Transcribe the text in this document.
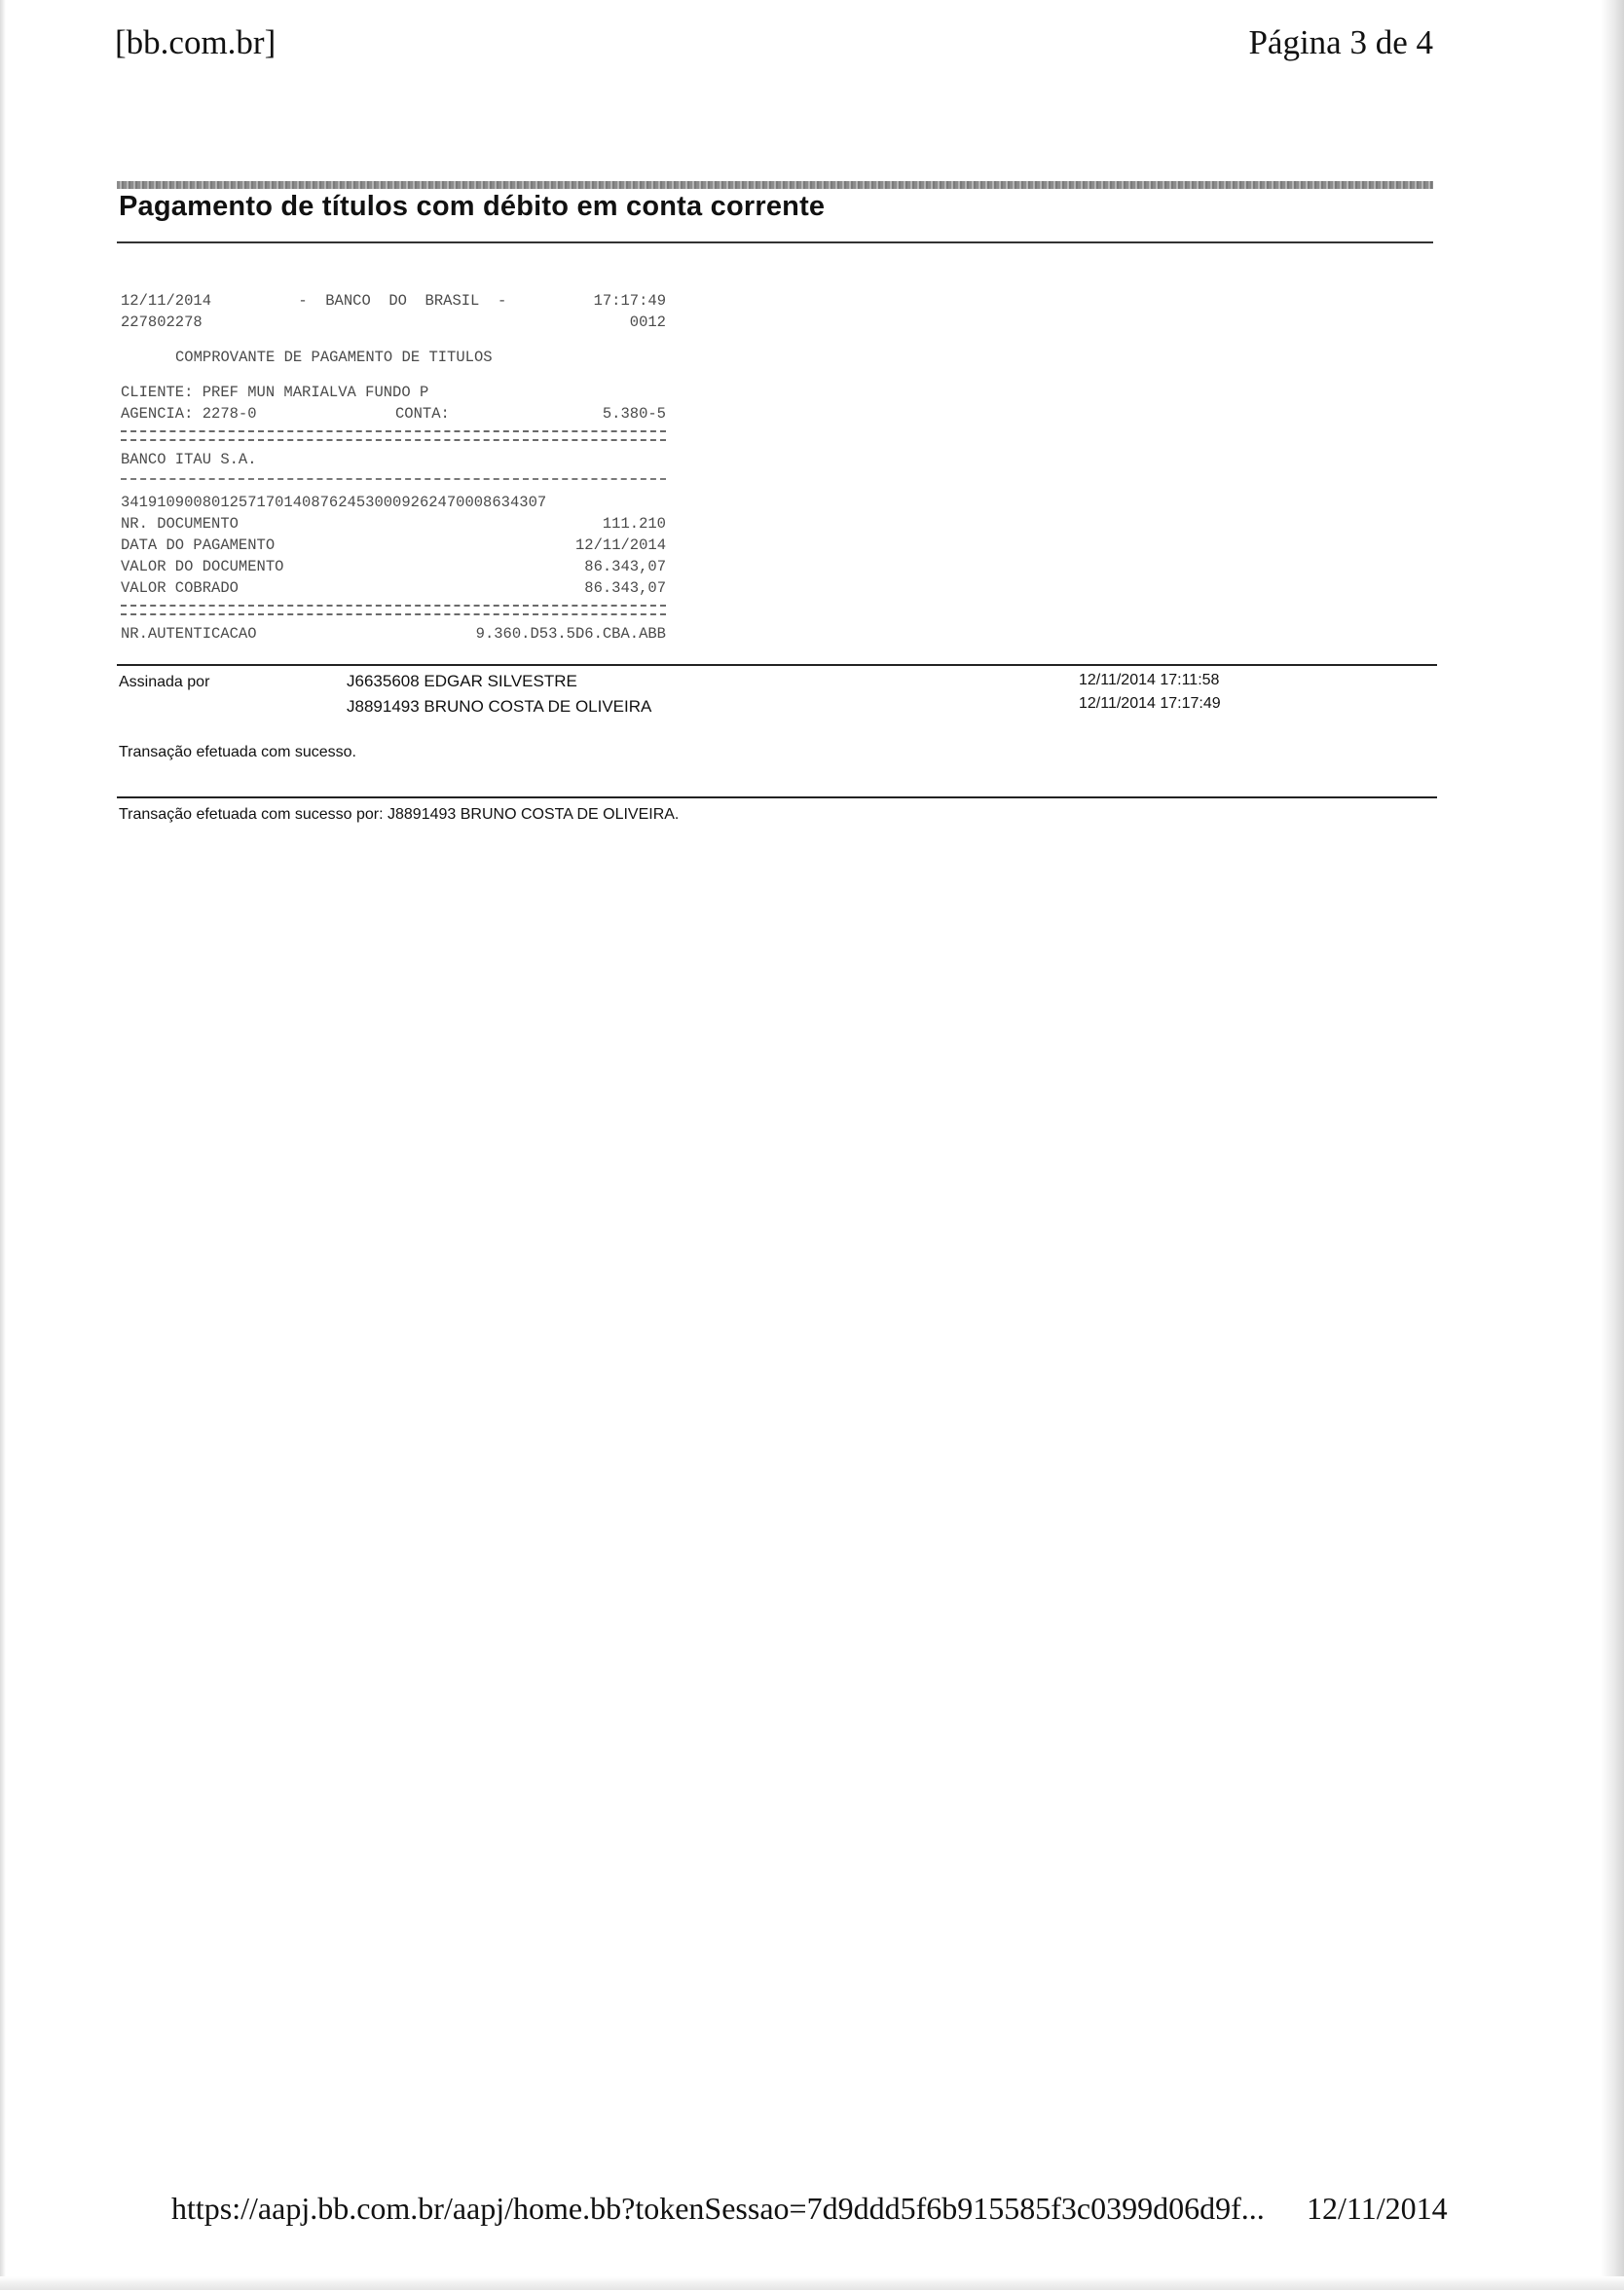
[bb.com.br]	Página 3 de 4
Pagamento de títulos com débito em conta corrente
12/11/2014	-  BANCO  DO  BRASIL  -	17:17:49
227802278	0012
COMPROVANTE DE PAGAMENTO DE TITULOS
CLIENTE: PREF MUN MARIALVA FUNDO P
AGENCIA: 2278-0	CONTA:	5.380-5
BANCO ITAU S.A.
34191090080125717014087624530009262470008634307
NR. DOCUMENTO	111.210
DATA DO PAGAMENTO	12/11/2014
VALOR DO DOCUMENTO	86.343,07
VALOR COBRADO	86.343,07
NR.AUTENTICACAO	9.360.D53.5D6.CBA.ABB
Assinada por	J6635608 EDGAR SILVESTRE	12/11/2014 17:11:58
J8891493 BRUNO COSTA DE OLIVEIRA	12/11/2014 17:17:49
Transação efetuada com sucesso.
Transação efetuada com sucesso por: J8891493 BRUNO COSTA DE OLIVEIRA.
https://aapj.bb.com.br/aapj/home.bb?tokenSessao=7d9ddd5f6b915585f3c0399d06d9f... 12/11/2014
